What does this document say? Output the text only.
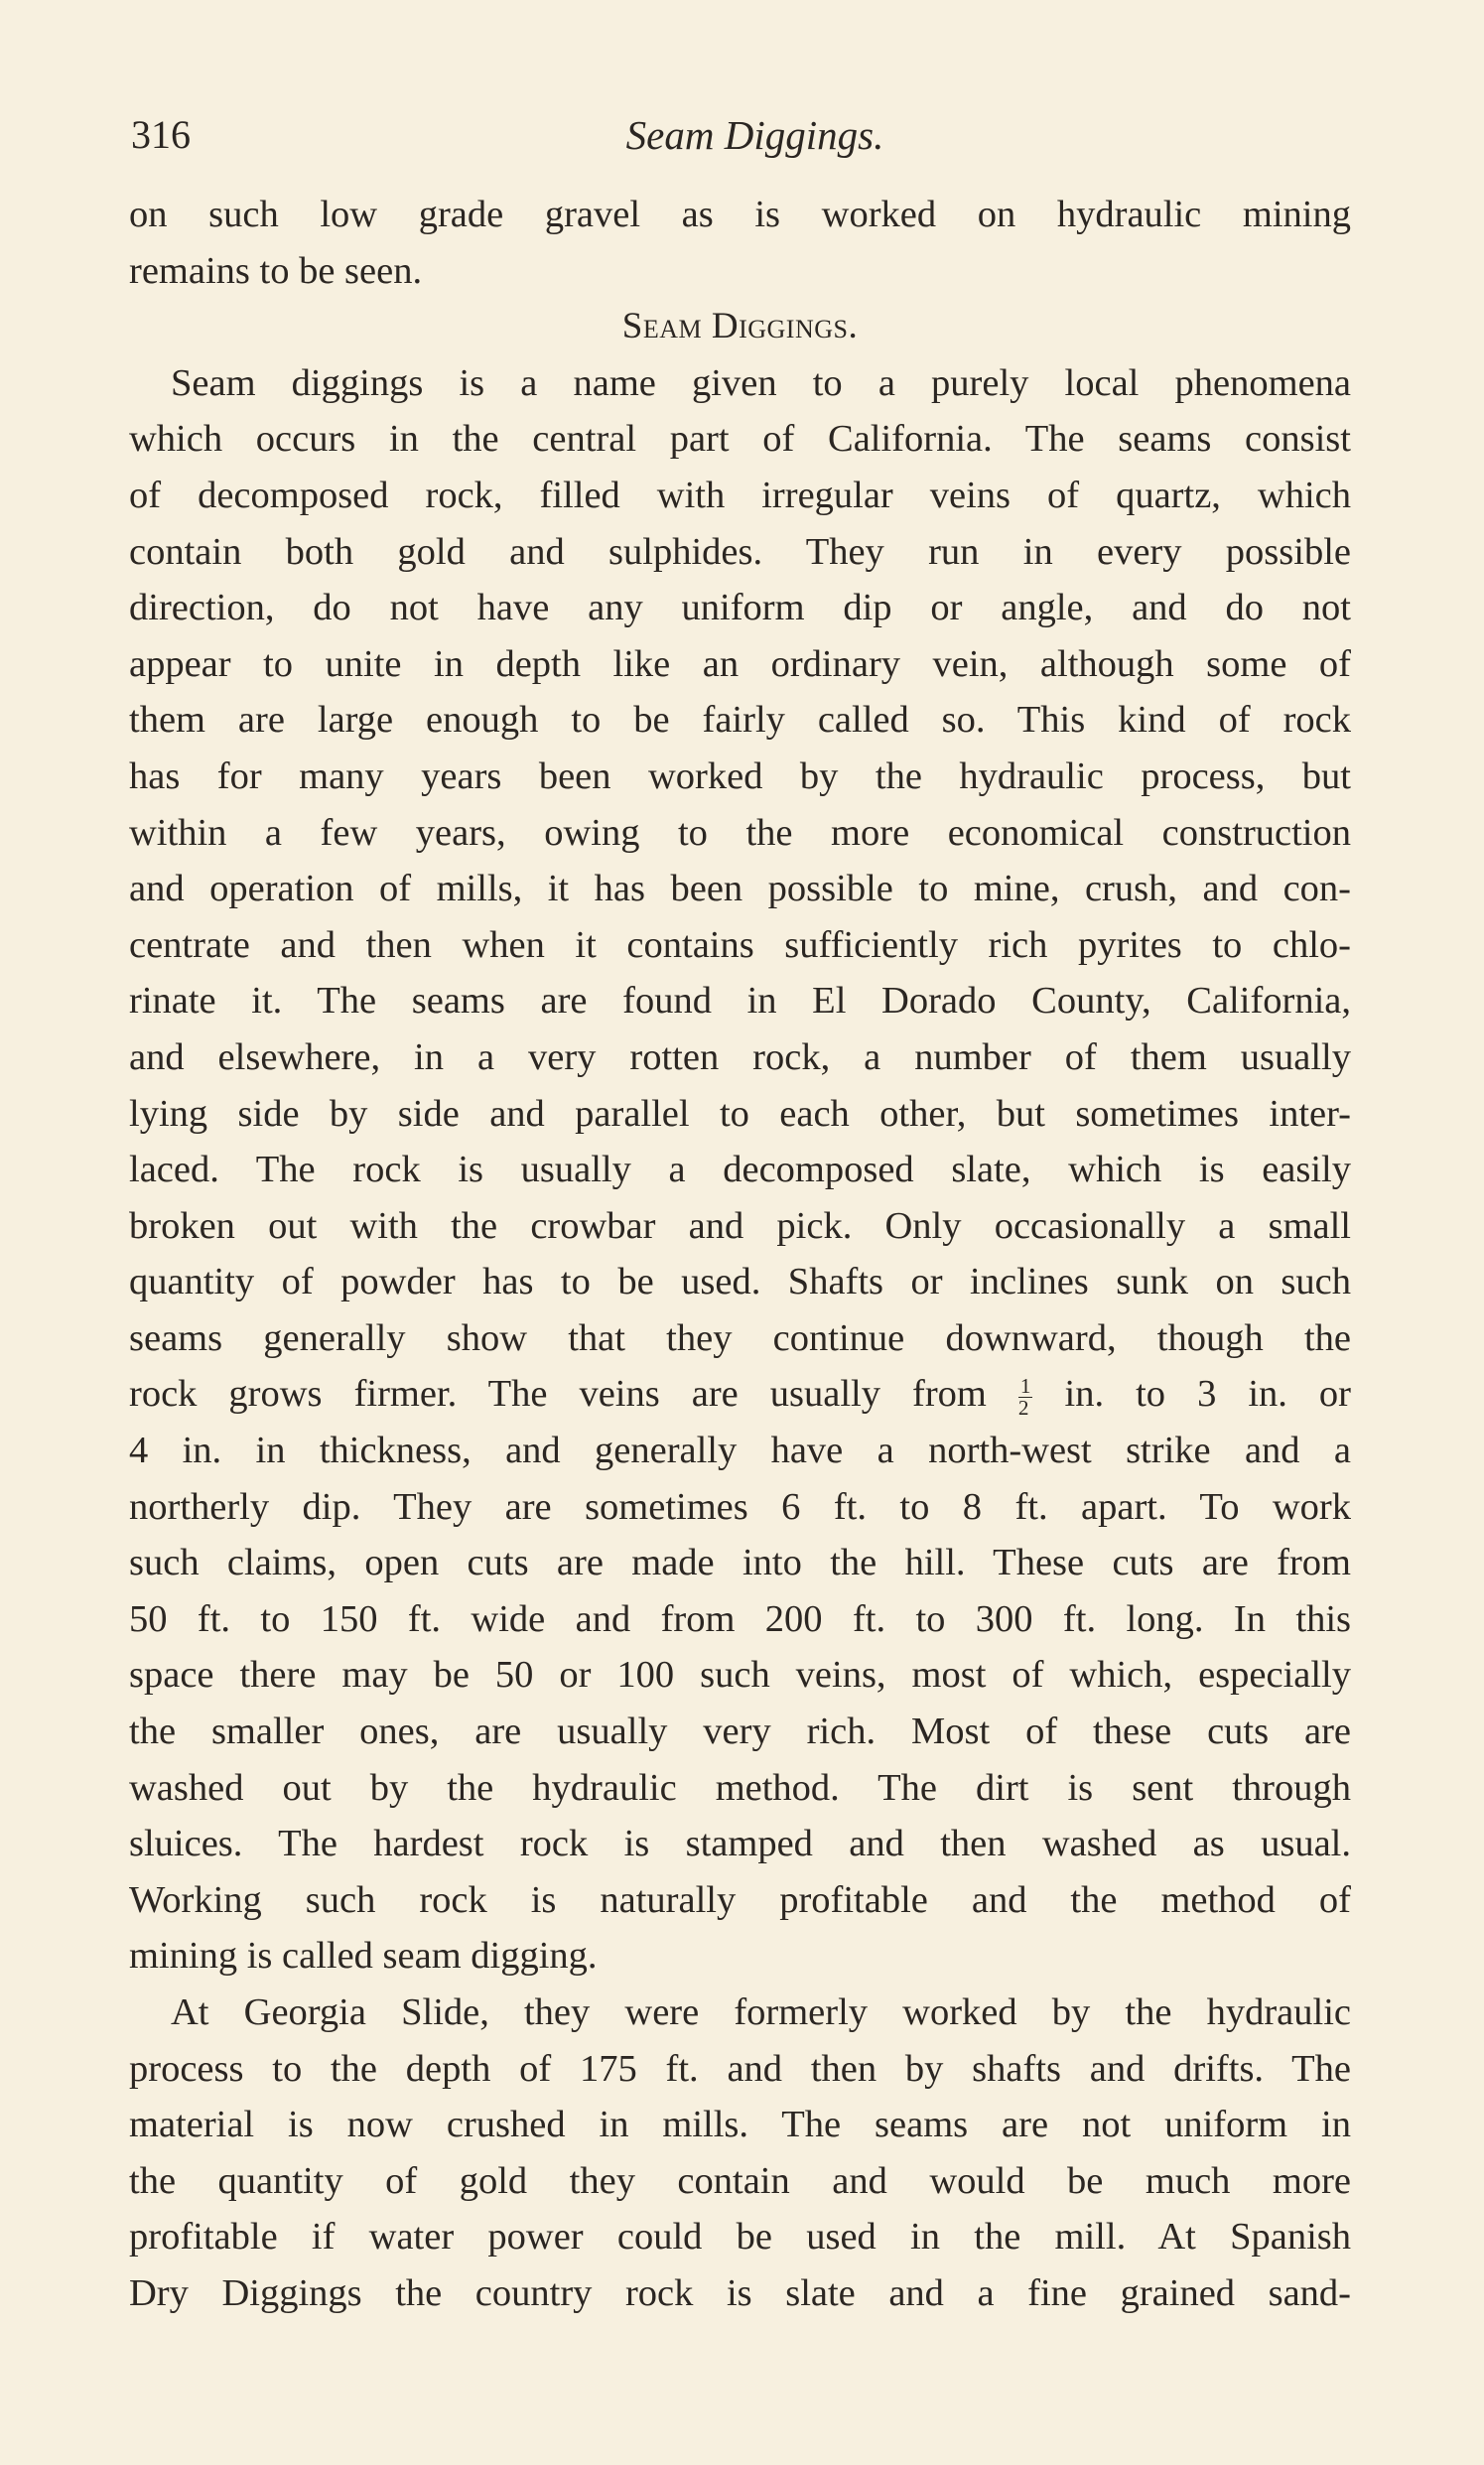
316	Seam Diggings.
on such low grade gravel as is worked on hydraulic mining
remains to be seen.
Seam Diggings.
Seam diggings is a name given to a purely local phenomena
which occurs in the central part of California. The seams consist
of decomposed rock, filled with irregular veins of quartz, which
contain both gold and sulphides. They run in every possible
direction, do not have any uniform dip or angle, and do not
appear to unite in depth like an ordinary vein, although some of
them are large enough to be fairly called so. This kind of rock
has for many years been worked by the hydraulic process, but
within a few years, owing to the more economical construction
and operation of mills, it has been possible to mine, crush, and con-
centrate and then when it contains sufficiently rich pyrites to chlo-
rinate it. The seams are found in El Dorado County, California,
and elsewhere, in a very rotten rock, a number of them usually
lying side by side and parallel to each other, but sometimes inter-
laced. The rock is usually a decomposed slate, which is easily
broken out with the crowbar and pick. Only occasionally a small
quantity of powder has to be used. Shafts or inclines sunk on such
seams generally show that they continue downward, though the
rock grows firmer. The veins are usually from $\frac{1}{2}$ in. to 3 in. or
4 in. in thickness, and generally have a north-west strike and a
northerly dip. They are sometimes 6 ft. to 8 ft. apart. To work
such claims, open cuts are made into the hill. These cuts are from
50 ft. to 150 ft. wide and from 200 ft. to 300 ft. long. In this
space there may be 50 or 100 such veins, most of which, especially
the smaller ones, are usually very rich. Most of these cuts are
washed out by the hydraulic method. The dirt is sent through
sluices. The hardest rock is stamped and then washed as usual.
Working such rock is naturally profitable and the method of
mining is called seam digging.
At Georgia Slide, they were formerly worked by the hydraulic
process to the depth of 175 ft. and then by shafts and drifts. The
material is now crushed in mills. The seams are not uniform in
the quantity of gold they contain and would be much more
profitable if water power could be used in the mill. At Spanish
Dry Diggings the country rock is slate and a fine grained sand-
